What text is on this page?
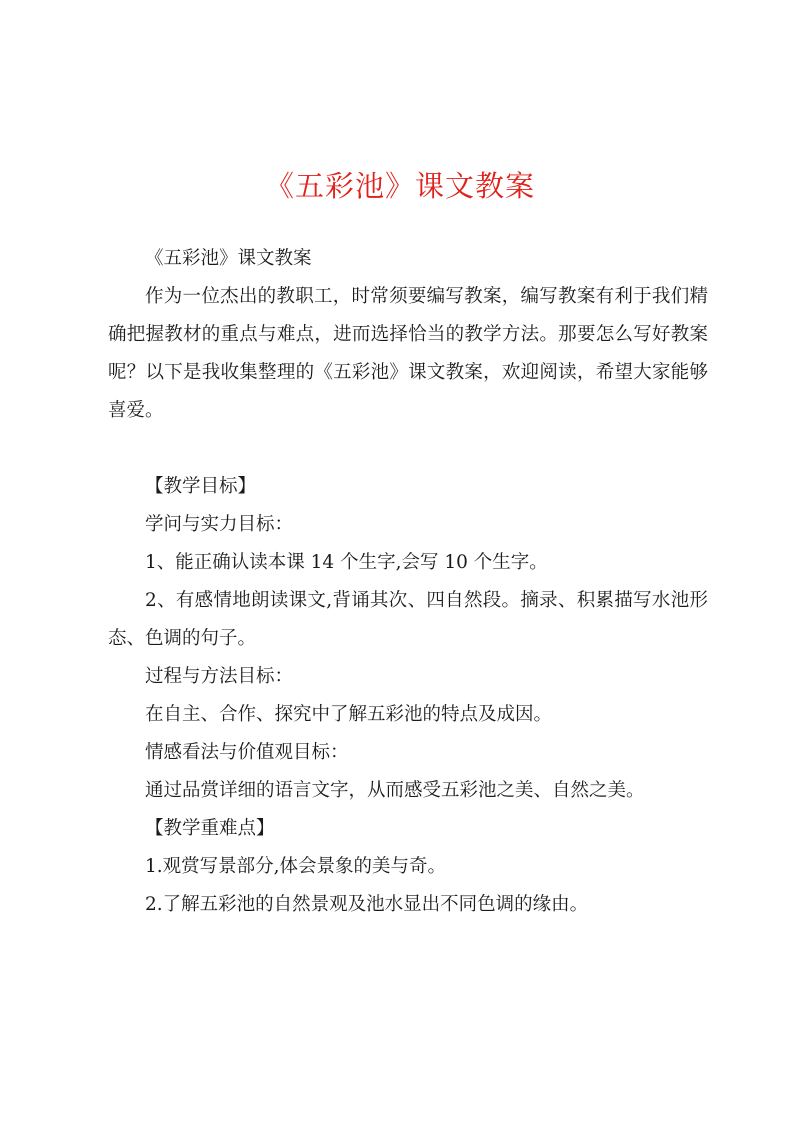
《五彩池》课文教案

《五彩池》课文教案

作为一位杰出的教职工，时常须要编写教案，编写教案有利于我们精确把握教材的重点与难点，进而选择恰当的教学方法。那要怎么写好教案呢？以下是我收集整理的《五彩池》课文教案，欢迎阅读，希望大家能够喜爱。

【教学目标】

学问与实力目标：

1、能正确认读本课 14 个生字,会写 10 个生字。

2、有感情地朗读课文,背诵其次、四自然段。摘录、积累描写水池形态、色调的句子。

过程与方法目标：

在自主、合作、探究中了解五彩池的特点及成因。

情感看法与价值观目标：

通过品赏详细的语言文字，从而感受五彩池之美、自然之美。

【教学重难点】

1.观赏写景部分,体会景象的美与奇。

2.了解五彩池的自然景观及池水显出不同色调的缘由。
